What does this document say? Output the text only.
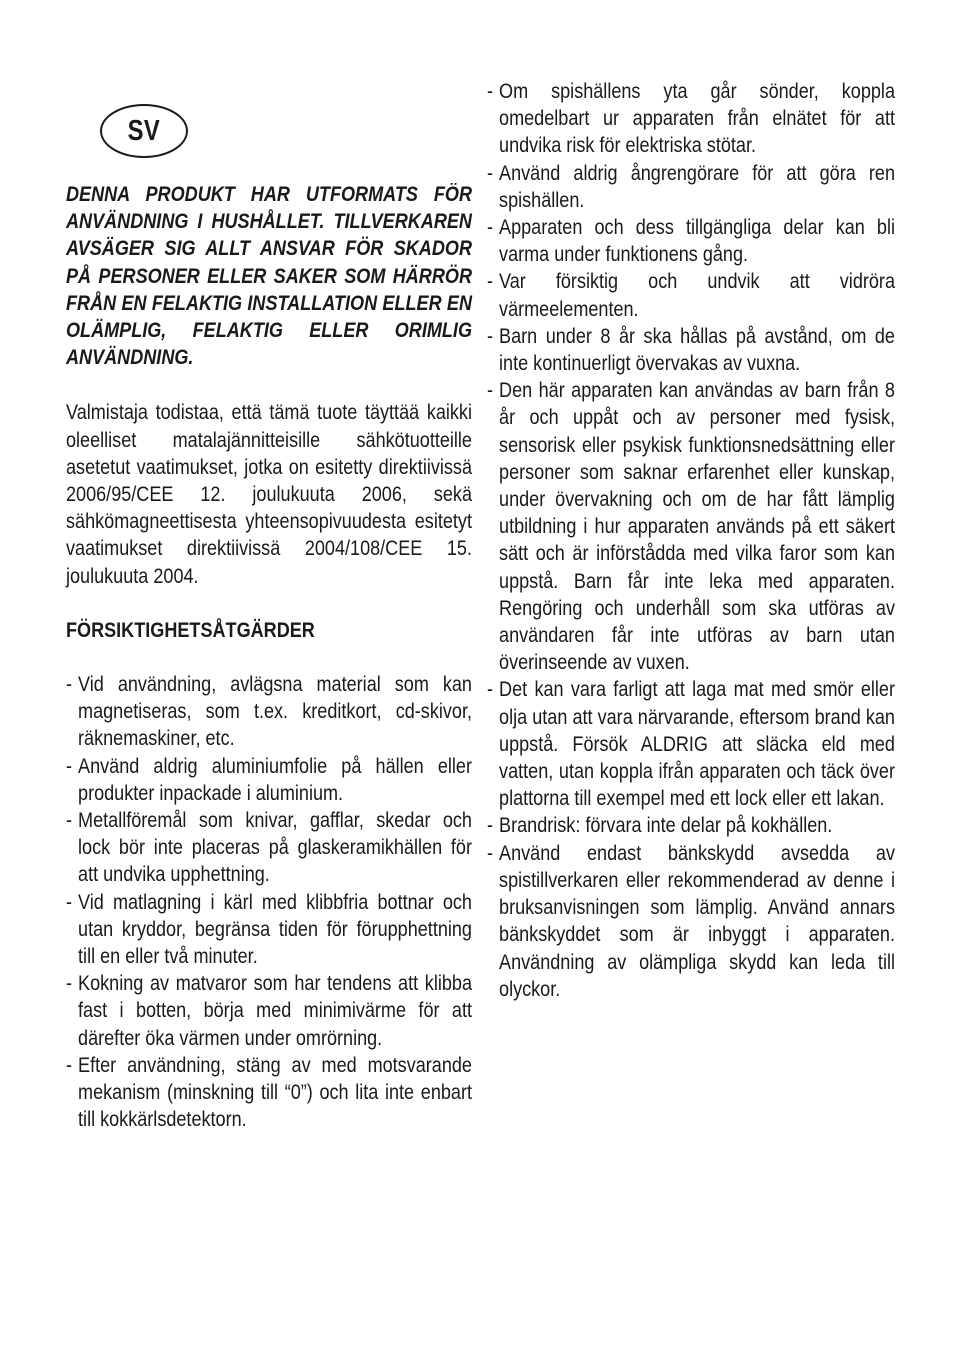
SV

DENNA PRODUKT HAR UTFORMATS FÖR ANVÄNDNING I HUSHÅLLET. TILLVERKAREN AVSÄGER SIG ALLT ANSVAR FÖR SKADOR PÅ PERSONER ELLER SAKER SOM HÄRRÖR FRÅN EN FELAKTIG INSTALLATION ELLER EN OLÄMPLIG, FELAKTIG ELLER ORIMLIG ANVÄNDNING.

Valmistaja todistaa, että tämä tuote täyttää kaikki oleelliset matalajännitteisille sähkötuotteille asetetut vaatimukset, jotka on esitetty direktiivissä 2006/95/CEE 12. joulukuuta 2006, sekä sähkömagneettisesta yhteensopivuudesta esitetyt vaatimukset direktiivissä 2004/108/CEE 15. joulukuuta 2004.

FÖRSIKTIGHETSÅTGÄRDER
- Vid användning, avlägsna material som kan magnetiseras, som t.ex. kreditkort, cd-skivor, räknemaskiner, etc.
- Använd aldrig aluminiumfolie på hällen eller produkter inpackade i aluminium.
- Metallföremål som knivar, gafflar, skedar och lock bör inte placeras på glaskeramikhällen för att undvika upphettning.
- Vid matlagning i kärl med klibbfria bottnar och utan kryddor, begränsa tiden för förupphettning till en eller två minuter.
- Kokning av matvaror som har tendens att klibba fast i botten, börja med minimivärme för att därefter öka värmen under omrörning.
- Efter användning, stäng av med motsvarande mekanism (minskning till “0”) och lita inte enbart till kokkärlsdetektorn.
- Om spishällens yta går sönder, koppla omedelbart ur apparaten från elnätet för att undvika risk för elektriska stötar.
- Använd aldrig ångrengörare för att göra ren spishällen.
- Apparaten och dess tillgängliga delar kan bli varma under funktionens gång.
- Var försiktig och undvik att vidröra värmeelementen.
- Barn under 8 år ska hållas på avstånd, om de inte kontinuerligt övervakas av vuxna.
- Den här apparaten kan användas av barn från 8 år och uppåt och av personer med fysisk, sensorisk eller psykisk funktionsnedsättning eller personer som saknar erfarenhet eller kunskap, under övervakning och om de har fått lämplig utbildning i hur apparaten används på ett säkert sätt och är införstådda med vilka faror som kan uppstå. Barn får inte leka med apparaten. Rengöring och underhåll som ska utföras av användaren får inte utföras av barn utan överinseende av vuxen.
- Det kan vara farligt att laga mat med smör eller olja utan att vara närvarande, eftersom brand kan uppstå. Försök ALDRIG att släcka eld med vatten, utan koppla ifrån apparaten och täck över plattorna till exempel med ett lock eller ett lakan.
- Brandrisk: förvara inte delar på kokhällen.
- Använd endast bänkskydd avsedda av spistillverkaren eller rekommenderad av denne i bruksanvisningen som lämplig. Använd annars bänkskyddet som är inbyggt i apparaten. Användning av olämpliga skydd kan leda till olyckor.
